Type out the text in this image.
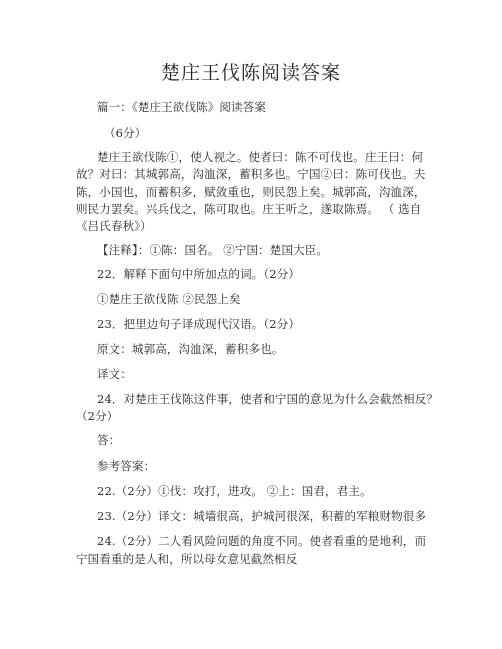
楚庄王伐陈阅读答案
篇一：《楚庄王欲伐陈》阅读答案
（6分）
楚庄王欲伐陈①，使人视之。使者曰：陈不可伐也。庄王曰：何
故？对曰：其城郭高，沟洫深，蓄积多也。宁国②曰：陈可伐也。夫
陈，小国也，而蓄积多，赋敛重也，则民怨上矣。城郭高，沟洫深，
则民力罢矣。兴兵伐之，陈可取也。庄王听之，遂取陈焉。 （ 选自
《吕氏春秋》）
【注释】：①陈：国名。 ②宁国：楚国大臣。
22．解释下面句中所加点的词。（2分）
①楚庄王欲伐陈 ②民怨上矣
23．把里边句子译成现代汉语。（2分）
原文：城郭高，沟洫深，蓄积多也。
译文：
24．对楚庄王伐陈这件事，使者和宁国的意见为什么会截然相反？
（2分）
答：
参考答案：
22.（2分）①伐：攻打，进攻。 ②上：国君，君主。
23.（2分）译文：城墙很高，护城河很深，积蓄的军粮财物很多
24.（2分）二人看风险问题的角度不同。使者看重的是地利，而
宁国看重的是人和，所以母女意见截然相反
